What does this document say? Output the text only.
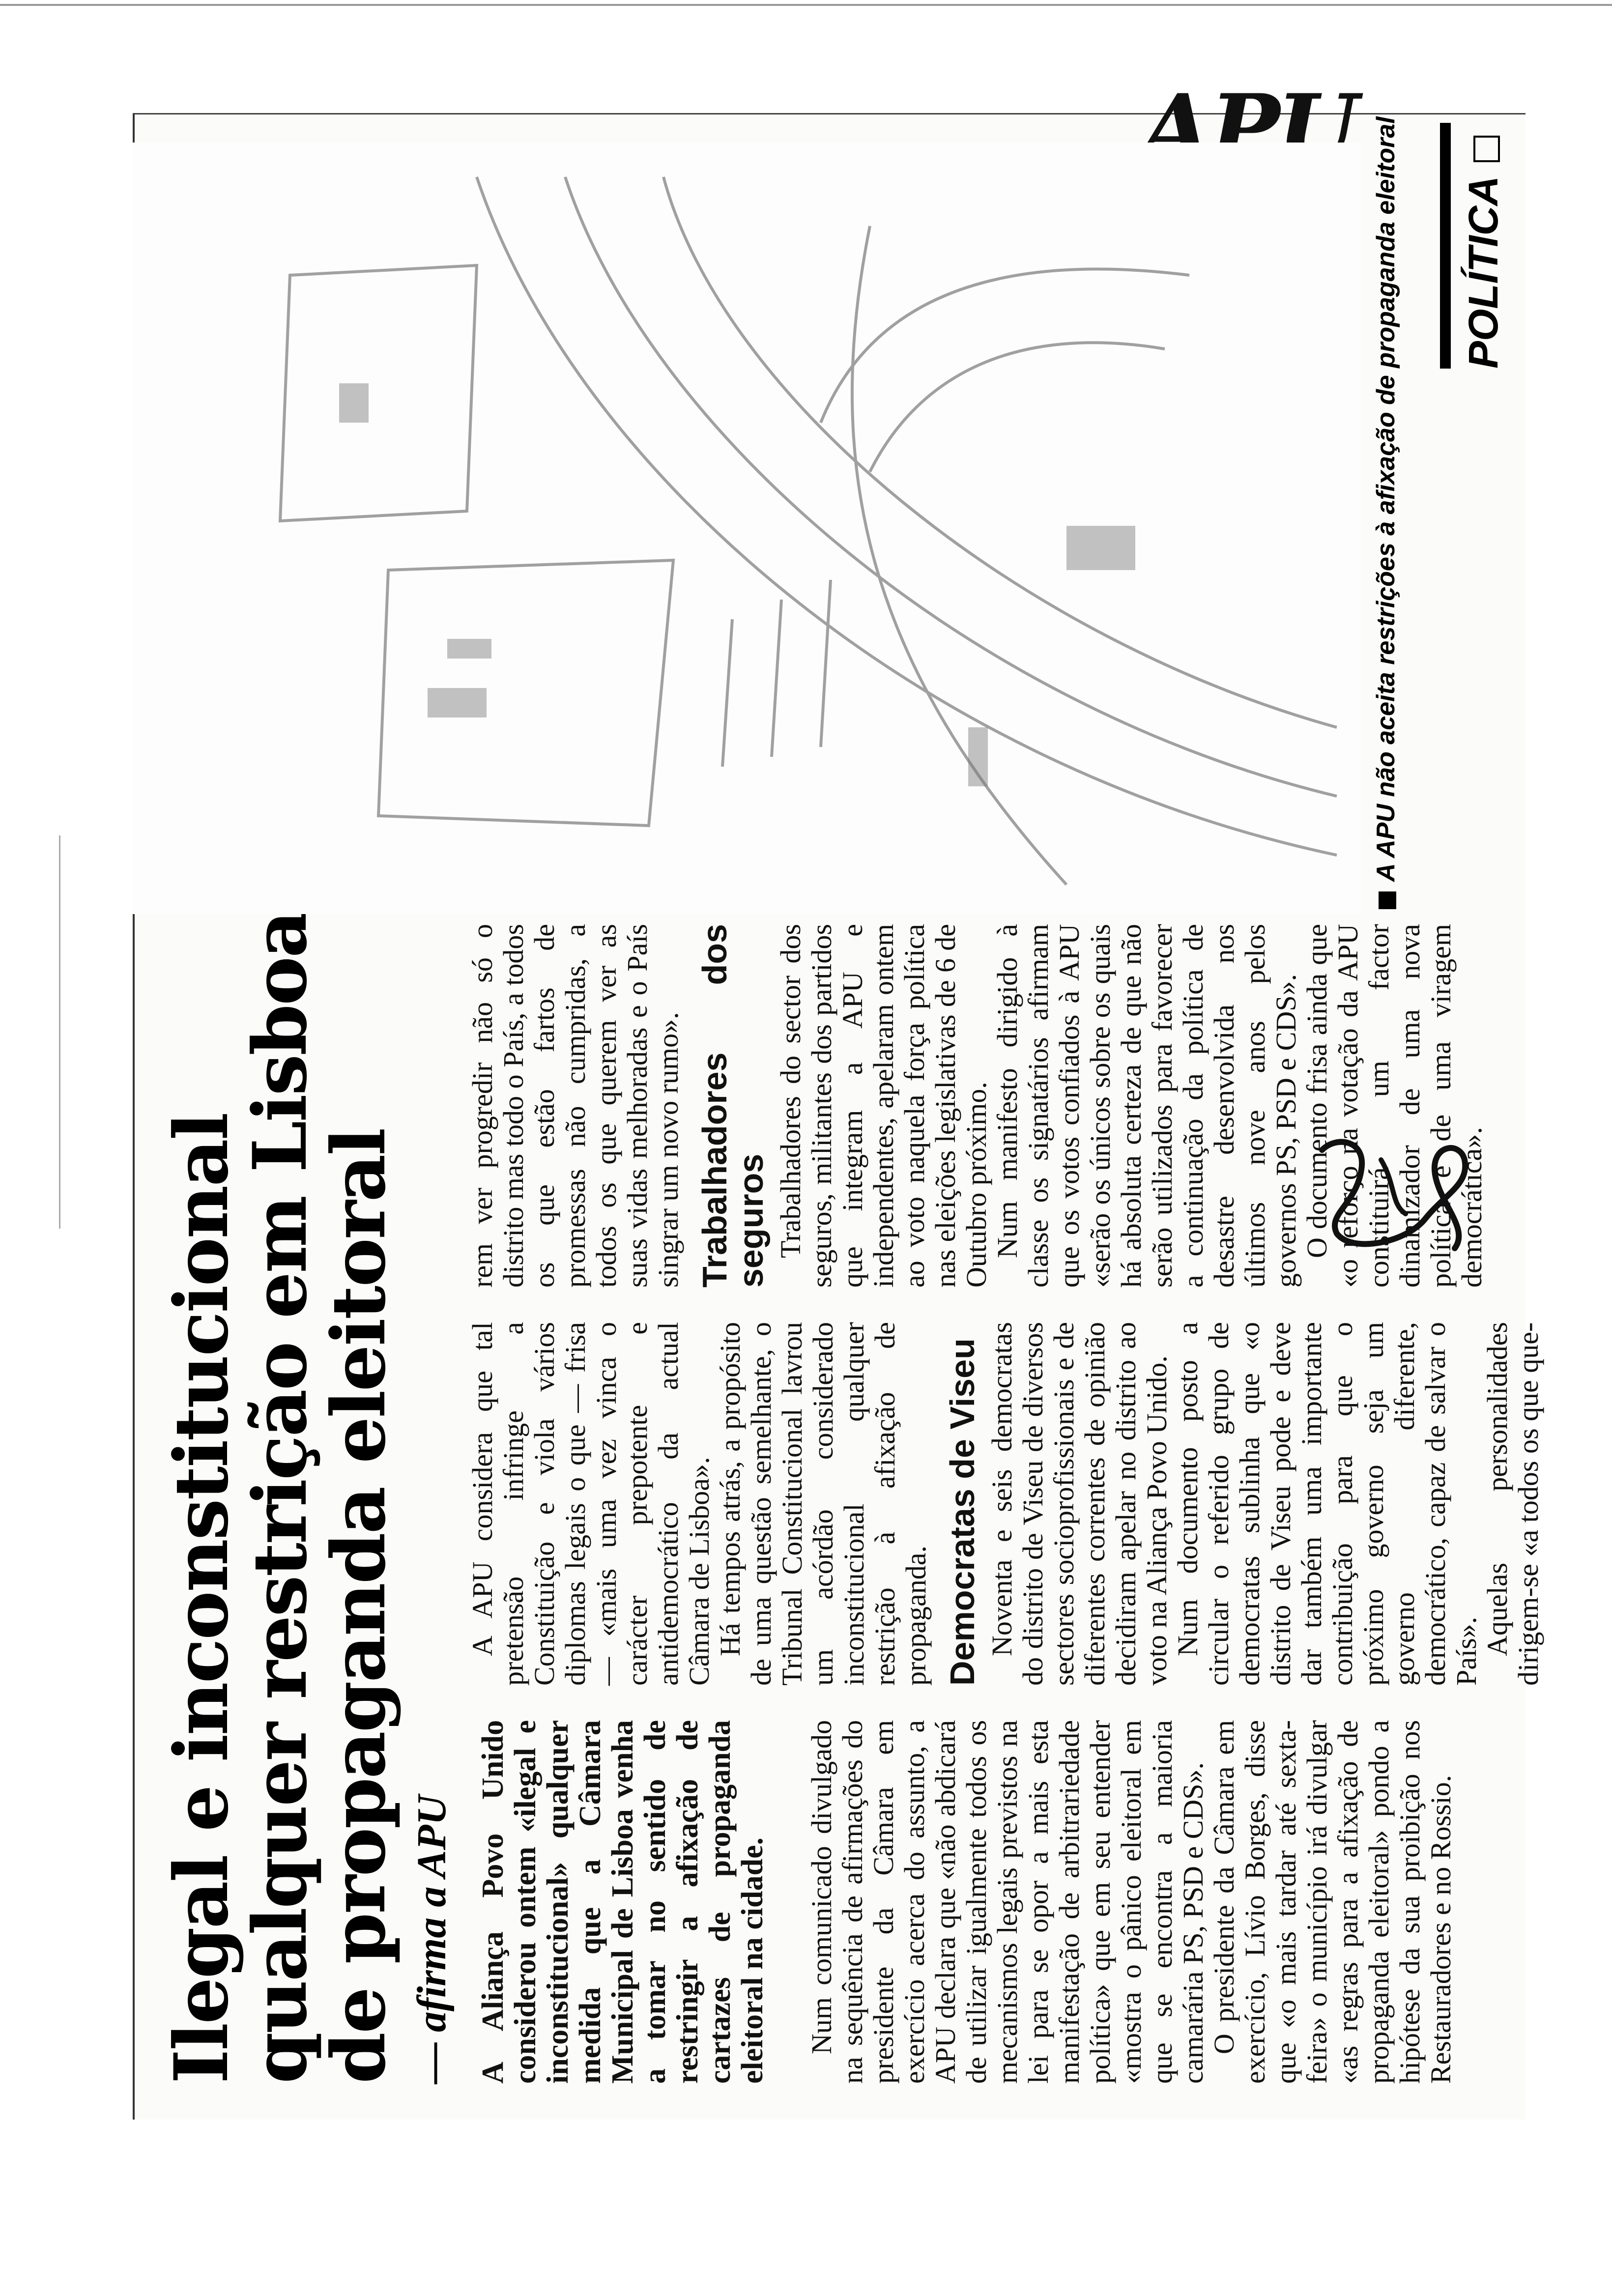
APU
Ilegal e inconstitucional
qualquer restrição em Lisboa
de propaganda eleitoral — afirma a APU A Aliança Povo Unido considerou ontem «ilegal e inconstitucional» qualquer medida que a Câmara Municipal de Lisboa venha a tomar no sentido de restringir a afixação de cartazes de propaganda eleitoral na cidade. Num comunicado divulgado na sequência de afirmações do presidente da Câmara em exercício acerca do assunto, a APU declara que «não abdicará de utilizar igualmente todos os mecanismos legais previstos na lei para se opor a mais esta manifestação de arbitrariedade política» que em seu entender «mostra o pânico eleitoral em que se encontra a maioria camarária PS, PSD e CDS».

O presidente da Câmara em exercício, Lívio Borges, disse que «o mais tardar até sexta-feira» o município irá divulgar «as regras para a afixação de propaganda eleitoral» pondo a hipótese da sua proibição nos Restauradores e no Rossio.

A APU considera que tal pretensão infringe a Constituição e viola vários diplomas legais o que — frisa — «mais uma vez vinca o carácter prepotente e antidemocrático da actual Câmara de Lisboa».

Há tempos atrás, a propósito de uma questão semelhante, o Tribunal Constitucional lavrou um acórdão considerado inconstitucional qualquer restrição à afixação de propaganda. Democratas de Viseu Noventa e seis democratas do distrito de Viseu de diversos sectores socioprofissionais e de diferentes correntes de opinião decidiram apelar no distrito ao voto na Aliança Povo Unido.

Num documento posto a circular o referido grupo de democratas sublinha que «o distrito de Viseu pode e deve dar também uma importante contribuição para que o próximo governo seja um governo diferente, democrático, capaz de salvar o País».

Aquelas personalidades dirigem-se «a todos os que que-

rem ver progredir não só o distrito mas todo o País, a todos os que estão fartos de promessas não cumpridas, a todos os que querem ver as suas vidas melhoradas e o País singrar um novo rumo». Trabalhadores dos seguros Trabalhadores do sector dos seguros, militantes dos partidos que integram a APU e independentes, apelaram ontem ao voto naquela força política nas eleições legislativas de 6 de Outubro próximo.

Num manifesto dirigido à classe os signatários afirmam que os votos confiados à APU «serão os únicos sobre os quais há absoluta certeza de que não serão utilizados para favorecer a continuação da política de desastre desenvolvida nos últimos nove anos pelos governos PS, PSD e CDS».

O documento frisa ainda que «o reforço na votação da APU constituirá um factor dinamizador de uma nova política e de uma viragem democrática».

A APU não aceita restrições à afixação de propaganda eleitoral	POLÍTICA
